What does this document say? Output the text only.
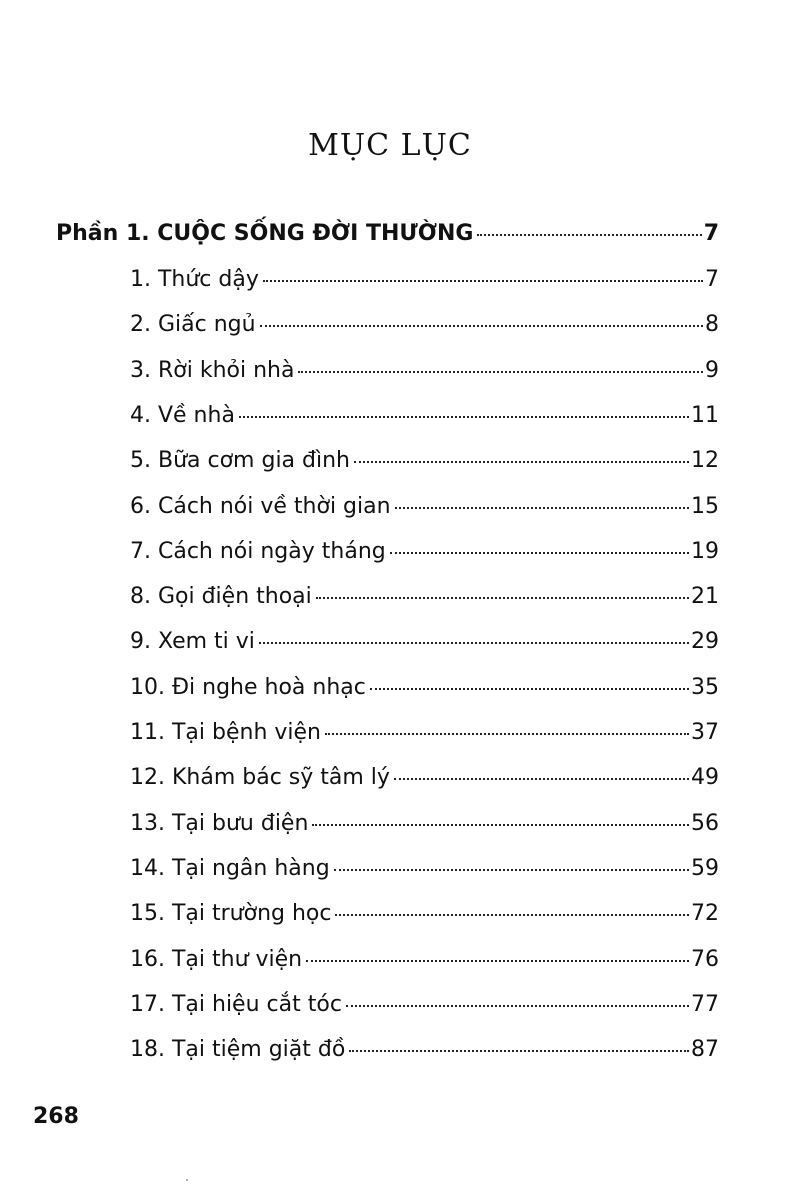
MỤC LỤC
Phần 1. CUỘC SỐNG ĐỜI THƯỜNG	7
1. Thức dậy	7
2. Giấc ngủ	8
3. Rời khỏi nhà	9
4. Về nhà	11
5. Bữa cơm gia đình	12
6. Cách nói về thời gian	15
7. Cách nói ngày tháng	19
8. Gọi điện thoại	21
9. Xem ti vi	29
10. Đi nghe hoà nhạc	35
11. Tại bệnh viện	37
12. Khám bác sỹ tâm lý	49
13. Tại bưu điện	56
14. Tại ngân hàng	59
15. Tại trường học	72
16. Tại thư viện	76
17. Tại hiệu cắt tóc	77
18. Tại tiệm giặt đồ	87
268
